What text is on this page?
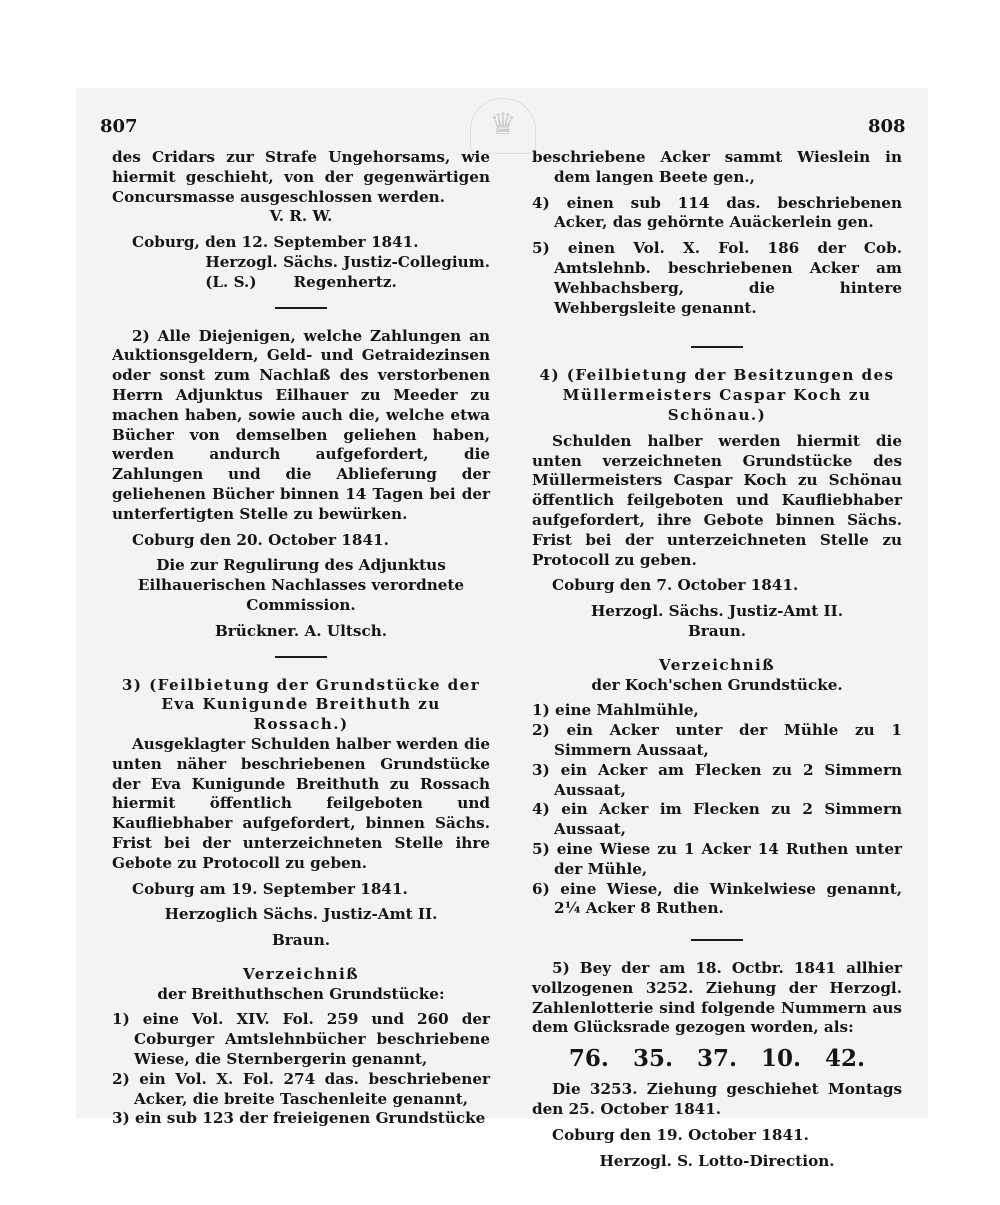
♛
807	808

des Cridars zur Strafe Ungehorsams, wie hiermit geschieht, von der gegenwärtigen Concursmasse ausgeschlossen werden.

V. R. W.

Coburg, den 12. September 1841.

Herzogl. Sächs. Justiz-Collegium.

(L. S.) Regenhertz.

2) Alle Diejenigen, welche Zahlungen an Auktionsgeldern, Geld- und Getraidezinsen oder sonst zum Nachlaß des verstorbenen Herrn Adjunktus Eilhauer zu Meeder zu machen haben, sowie auch die, welche etwa Bücher von demselben geliehen haben, werden andurch aufgefordert, die Zahlungen und die Ablieferung der geliehenen Bücher binnen 14 Tagen bei der unterfertigten Stelle zu bewürken.

Coburg den 20. October 1841.

Die zur Regulirung des Adjunktus Eilhauerischen Nachlasses verordnete Commission.

Brückner. A. Ultsch.

3) (Feilbietung der Grundstücke der Eva Kunigunde Breithuth zu Rossach.)

Ausgeklagter Schulden halber werden die unten näher beschriebenen Grundstücke der Eva Kunigunde Breithuth zu Rossach hiermit öffentlich feilgeboten und Kaufliebhaber aufgefordert, binnen Sächs. Frist bei der unterzeichneten Stelle ihre Gebote zu Protocoll zu geben.

Coburg am 19. September 1841.

Herzoglich Sächs. Justiz-Amt II.

Braun.

Verzeichniß

der Breithuthschen Grundstücke:

1) eine Vol. XIV. Fol. 259 und 260 der Coburger Amtslehnbücher beschriebene Wiese, die Sternbergerin genannt,

2) ein Vol. X. Fol. 274 das. beschriebener Acker, die breite Taschenleite genannt,

3) ein sub 123 der freieigenen Grundstücke

beschriebene Acker sammt Wieslein in dem langen Beete gen.,

4) einen sub 114 das. beschriebenen Acker, das gehörnte Auäckerlein gen.

5) einen Vol. X. Fol. 186 der Cob. Amtslehnb. beschriebenen Acker am Wehbachsberg, die hintere Wehbergsleite genannt.

4) (Feilbietung der Besitzungen des Müllermeisters Caspar Koch zu Schönau.)

Schulden halber werden hiermit die unten verzeichneten Grundstücke des Müllermeisters Caspar Koch zu Schönau öffentlich feilgeboten und Kaufliebhaber aufgefordert, ihre Gebote binnen Sächs. Frist bei der unterzeichneten Stelle zu Protocoll zu geben.

Coburg den 7. October 1841.

Herzogl. Sächs. Justiz-Amt II.

Braun.

Verzeichniß

der Koch'schen Grundstücke.

1) eine Mahlmühle,

2) ein Acker unter der Mühle zu 1 Simmern Aussaat,

3) ein Acker am Flecken zu 2 Simmern Aussaat,

4) ein Acker im Flecken zu 2 Simmern Aussaat,

5) eine Wiese zu 1 Acker 14 Ruthen unter der Mühle,

6) eine Wiese, die Winkelwiese genannt, 2¼ Acker 8 Ruthen.

5) Bey der am 18. Octbr. 1841 allhier vollzogenen 3252. Ziehung der Herzogl. Zahlenlotterie sind folgende Nummern aus dem Glücksrade gezogen worden, als:

76. 35. 37. 10. 42.

Die 3253. Ziehung geschiehet Montags den 25. October 1841.

Coburg den 19. October 1841.

Herzogl. S. Lotto-Direction.
